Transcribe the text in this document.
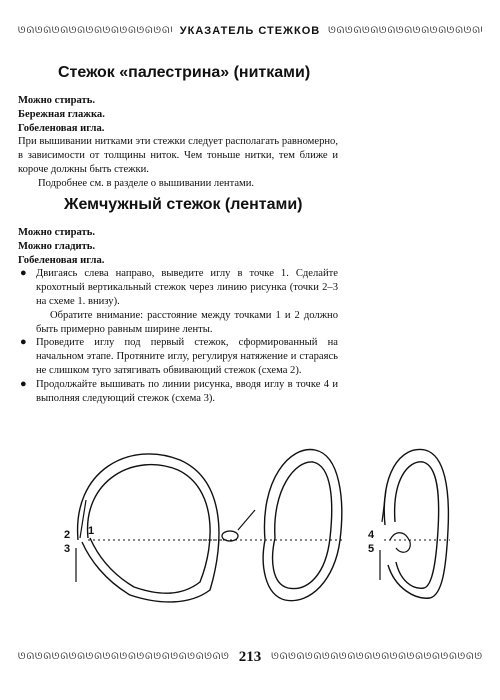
ᘎᘏᘎᘏᘎᘏᘎᘏᘎᘏᘎᘏᘎᘏᘎᘏᘎᘏᘎᘏᘎᘏᘎᘏᘎᘏᘎᘏᘎᘏᘎᘏᘎᘏᘎᘏᘎᘏᘎᘏᘎᘏ
УКАЗАТЕЛЬ СТЕЖКОВ
ᘎᘏᘎᘏᘎᘏᘎᘏᘎᘏᘎᘏᘎᘏᘎᘏᘎᘏᘎᘏᘎᘏᘎᘏᘎᘏᘎᘏᘎᘏᘎᘏᘎᘏᘎᘏᘎᘏᘎᘏᘎᘏ
Стежок «палестрина» (нитками)
Можно стирать.
Бережная глажка.
Гобеленовая игла.

При вышивании нитками эти стежки следует располагать равномерно, в зависимости от толщины ниток. Чем тоньше нитки, тем ближе и короче должны быть стежки.

Подробнее см. в разделе о вышивании лентами.

Жемчужный стежок (лентами)
Можно стирать.
Можно гладить.
Гобеленовая игла.
● Двигаясь слева направо, выведите иглу в точке 1. Сделайте крохотный вертикальный стежок через линию рисунка (точки 2–3 на схеме 1. внизу).

Обратите внимание: расстояние между точками 1 и 2 должно быть примерно равным ширине ленты.

● Проведите иглу под первый стежок, сформированный на начальном этапе. Протяните иглу, регулируя натяжение и стараясь не слишком туго затягивать обвивающий стежок (схема 2).
● Продолжайте вышивать по линии рисунка, вводя иглу в точке 4 и выполняя следующий стежок (схема 3).
2
3
1	4
5
ᘎᘏᘎᘏᘎᘏᘎᘏᘎᘏᘎᘏᘎᘏᘎᘏᘎᘏᘎᘏᘎᘏᘎᘏᘎᘏᘎᘏᘎᘏᘎᘏᘎᘏᘎᘏᘎᘏᘎᘏᘎᘏ
213
ᘎᘏᘎᘏᘎᘏᘎᘏᘎᘏᘎᘏᘎᘏᘎᘏᘎᘏᘎᘏᘎᘏᘎᘏᘎᘏᘎᘏᘎᘏᘎᘏᘎᘏᘎᘏᘎᘏᘎᘏᘎᘏ
